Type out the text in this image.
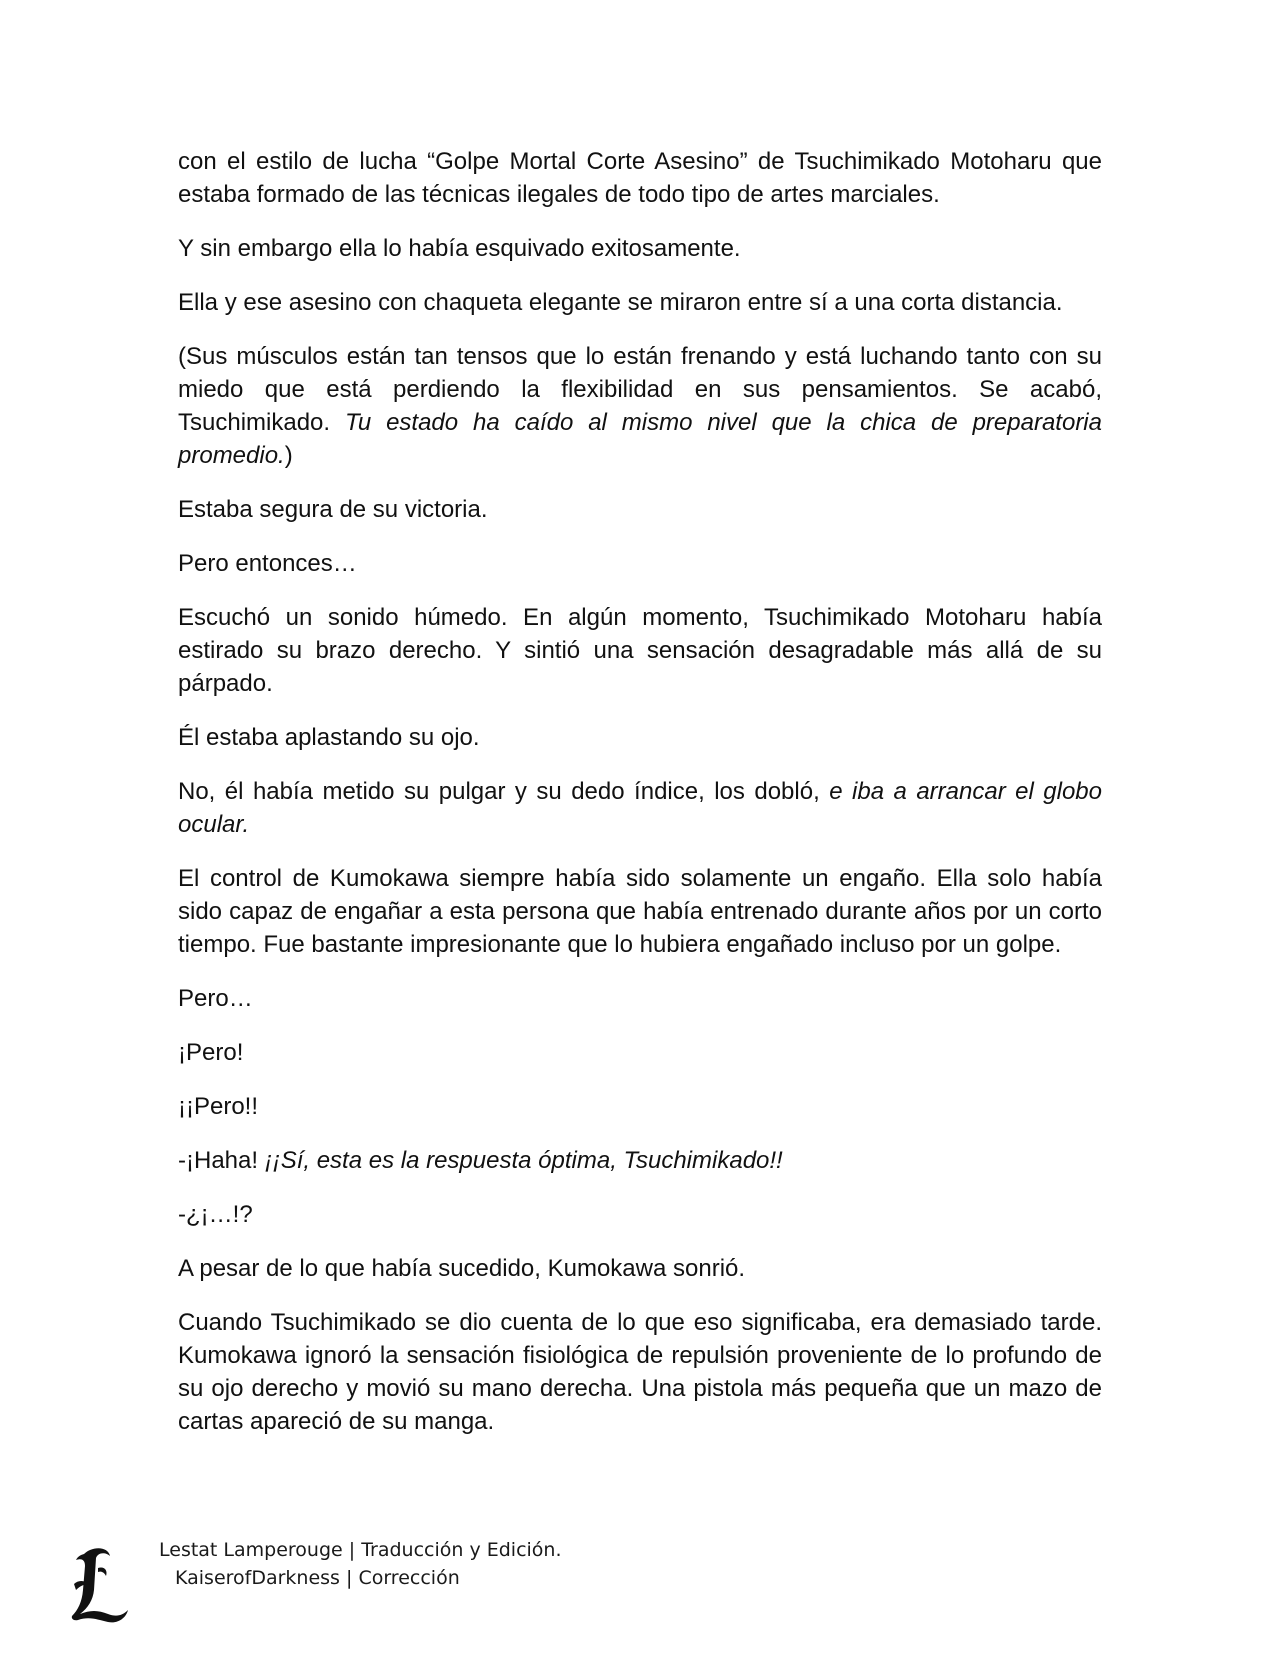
con el estilo de lucha “Golpe Mortal Corte Asesino” de Tsuchimikado Motoharu que estaba formado de las técnicas ilegales de todo tipo de artes marciales.

Y sin embargo ella lo había esquivado exitosamente.

Ella y ese asesino con chaqueta elegante se miraron entre sí a una corta distancia.

(Sus músculos están tan tensos que lo están frenando y está luchando tanto con su miedo que está perdiendo la flexibilidad en sus pensamientos. Se acabó, Tsuchimikado. Tu estado ha caído al mismo nivel que la chica de preparatoria promedio.)

Estaba segura de su victoria.

Pero entonces…

Escuchó un sonido húmedo. En algún momento, Tsuchimikado Motoharu había estirado su brazo derecho. Y sintió una sensación desagradable más allá de su párpado.

Él estaba aplastando su ojo.

No, él había metido su pulgar y su dedo índice, los dobló, e iba a arrancar el globo ocular.

El control de Kumokawa siempre había sido solamente un engaño. Ella solo había sido capaz de engañar a esta persona que había entrenado durante años por un corto tiempo. Fue bastante impresionante que lo hubiera engañado incluso por un golpe.

Pero…

¡Pero!

¡¡Pero!!

-¡Haha! ¡¡Sí, esta es la respuesta óptima, Tsuchimikado!!

-¿¡…!?

A pesar de lo que había sucedido, Kumokawa sonrió.

Cuando Tsuchimikado se dio cuenta de lo que eso significaba, era demasiado tarde. Kumokawa ignoró la sensación fisiológica de repulsión proveniente de lo profundo de su ojo derecho y movió su mano derecha. Una pistola más pequeña que un mazo de cartas apareció de su manga.

Lestat Lamperouge | Traducción y Edición.
KaiserofDarkness | Corrección
